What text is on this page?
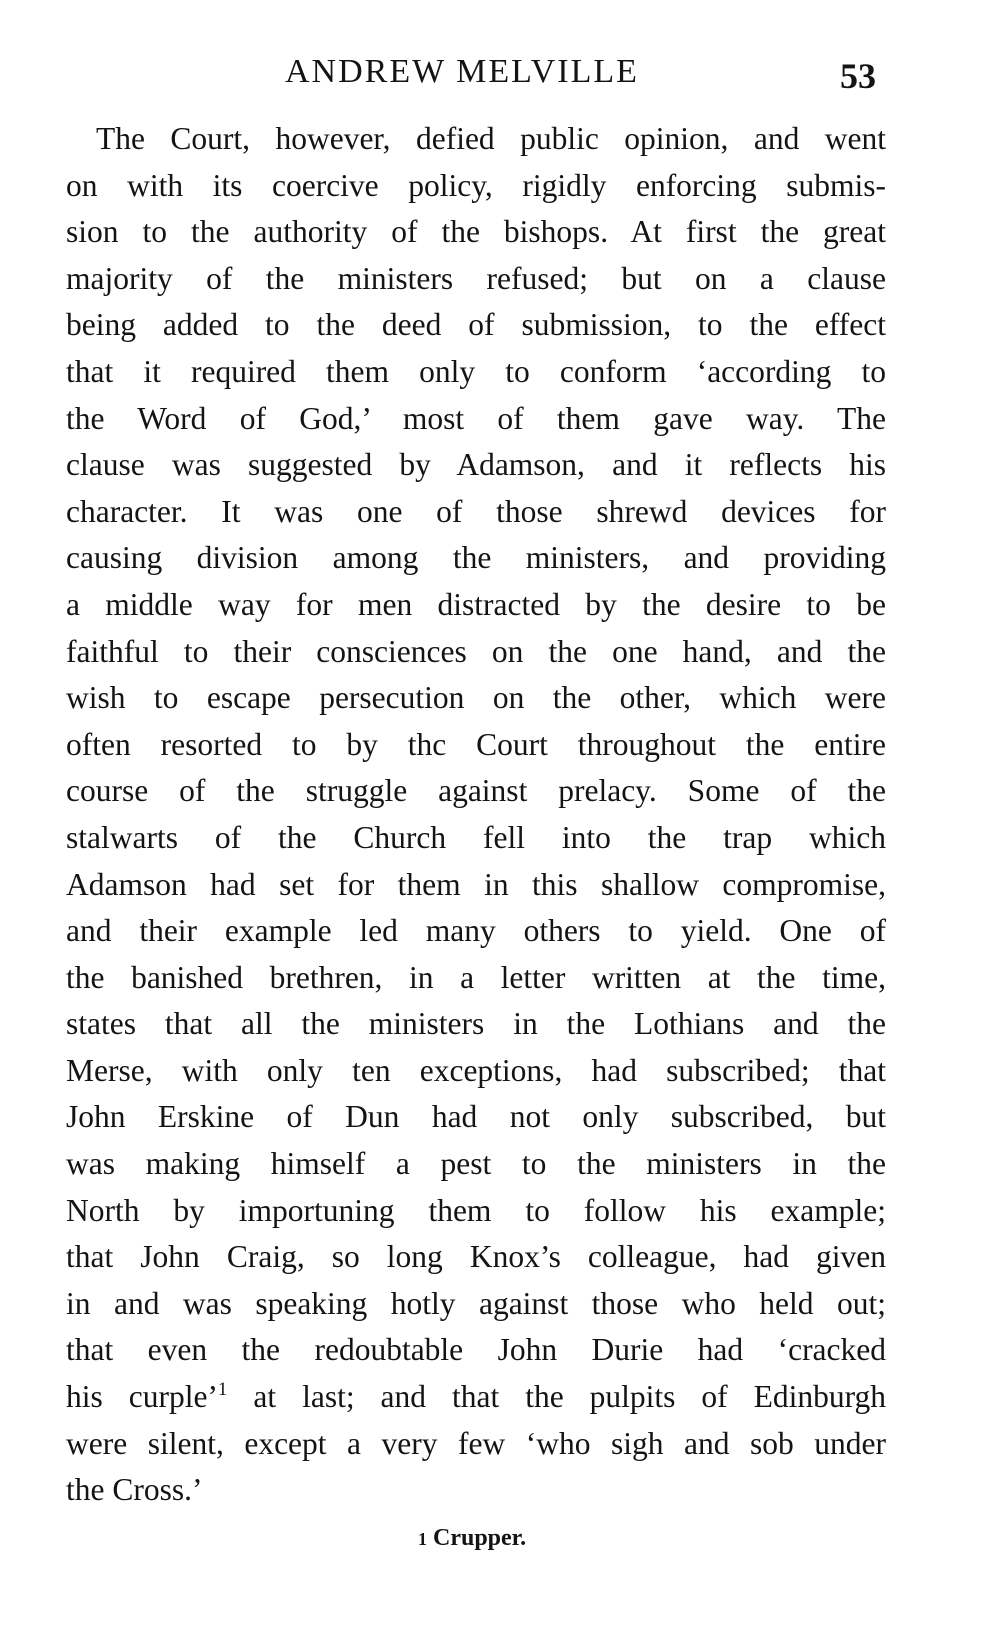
ANDREW MELVILLE	53
The Court, however, defied public opinion, and went
on with its coercive policy, rigidly enforcing submis-
sion to the authority of the bishops. At first the great
majority of the ministers refused; but on a clause
being added to the deed of submission, to the effect
that it required them only to conform ‘according to
the Word of God,’ most of them gave way. The
clause was suggested by Adamson, and it reflects his
character. It was one of those shrewd devices for
causing division among the ministers, and providing
a middle way for men distracted by the desire to be
faithful to their consciences on the one hand, and the
wish to escape persecution on the other, which were
often resorted to by thc Court throughout the entire
course of the struggle against prelacy. Some of the
stalwarts of the Church fell into the trap which
Adamson had set for them in this shallow compromise,
and their example led many others to yield. One of
the banished brethren, in a letter written at the time,
states that all the ministers in the Lothians and the
Merse, with only ten exceptions, had subscribed; that
John Erskine of Dun had not only subscribed, but
was making himself a pest to the ministers in the
North by importuning them to follow his example;
that John Craig, so long Knox’s colleague, had given
in and was speaking hotly against those who held out;
that even the redoubtable John Durie had ‘cracked
his curple’$^1$ at last; and that the pulpits of Edinburgh
were silent, except a very few ‘who sigh and sob under
the Cross.’
1 Crupper.
